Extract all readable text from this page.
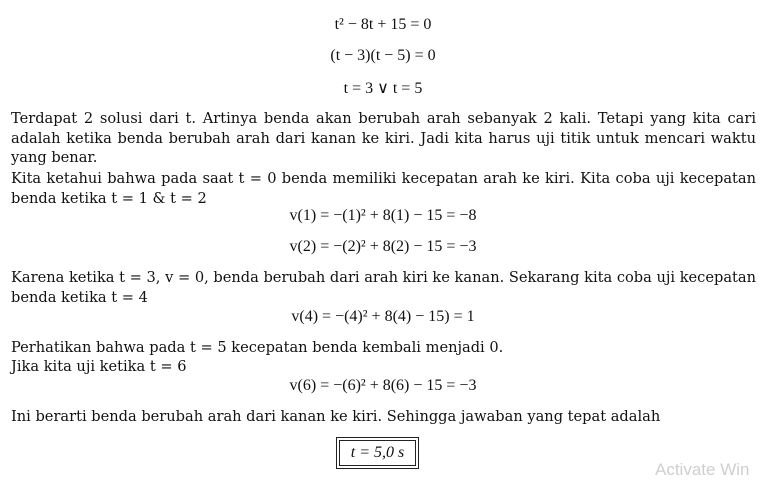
t² − 8t + 15 = 0
(t − 3)(t − 5) = 0
t = 3 ∨ t = 5

Terdapat 2 solusi dari t. Artinya benda akan berubah arah sebanyak 2 kali. Tetapi yang kita cari adalah ketika benda berubah arah dari kanan ke kiri. Jadi kita harus uji titik untuk mencari waktu yang benar.

Kita ketahui bahwa pada saat t = 0 benda memiliki kecepatan arah ke kiri. Kita coba uji kecepatan benda ketika t = 1 & t = 2

v(1) = −(1)² + 8(1) − 15 = −8
v(2) = −(2)² + 8(2) − 15 = −3

Karena ketika t = 3, v = 0, benda berubah dari arah kiri ke kanan. Sekarang kita coba uji kecepatan benda ketika t = 4

v(4) = −(4)² + 8(4) − 15) = 1

Perhatikan bahwa pada t = 5 kecepatan benda kembali menjadi 0.

Jika kita uji ketika t = 6

v(6) = −(6)² + 8(6) − 15 = −3

Ini berarti benda berubah arah dari kanan ke kiri. Sehingga jawaban yang tepat adalah

t = 5,0 s
Activate Win
